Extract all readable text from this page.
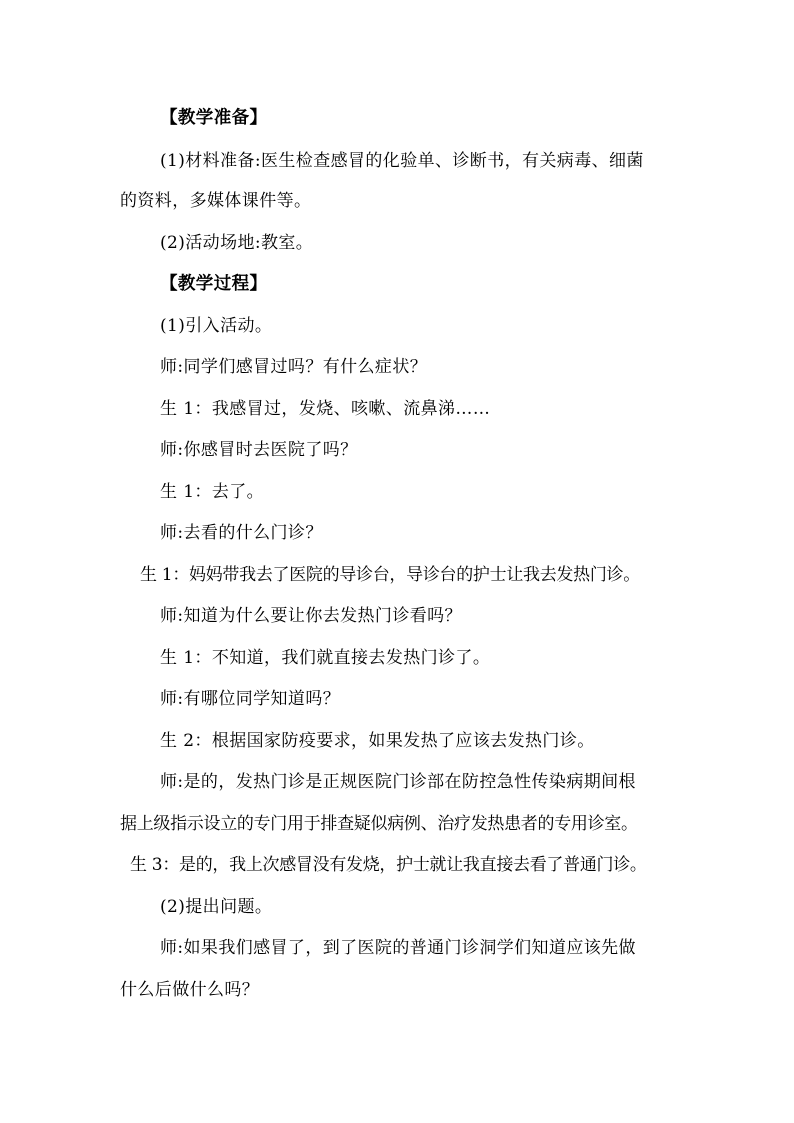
【教学准备】
(1)材料准备:医生检查感冒的化验单、诊断书，有关病毒、细菌
的资料，多媒体课件等。
(2)活动场地:教室。
【教学过程】
(1)引入活动。
师:同学们感冒过吗？有什么症状？
生 1：我感冒过，发烧、咳嗽、流鼻涕……
师:你感冒时去医院了吗？
生 1：去了。
师:去看的什么门诊？
生 1：妈妈带我去了医院的导诊台，导诊台的护士让我去发热门诊。
师:知道为什么要让你去发热门诊看吗？
生 1：不知道，我们就直接去发热门诊了。
师:有哪位同学知道吗？
生 2：根据国家防疫要求，如果发热了应该去发热门诊。
师:是的，发热门诊是正规医院门诊部在防控急性传染病期间根
据上级指示设立的专门用于排查疑似病例、治疗发热患者的专用诊室。
生 3：是的，我上次感冒没有发烧，护士就让我直接去看了普通门诊。
(2)提出问题。
师:如果我们感冒了，到了医院的普通门诊洞学们知道应该先做
什么后做什么吗？
